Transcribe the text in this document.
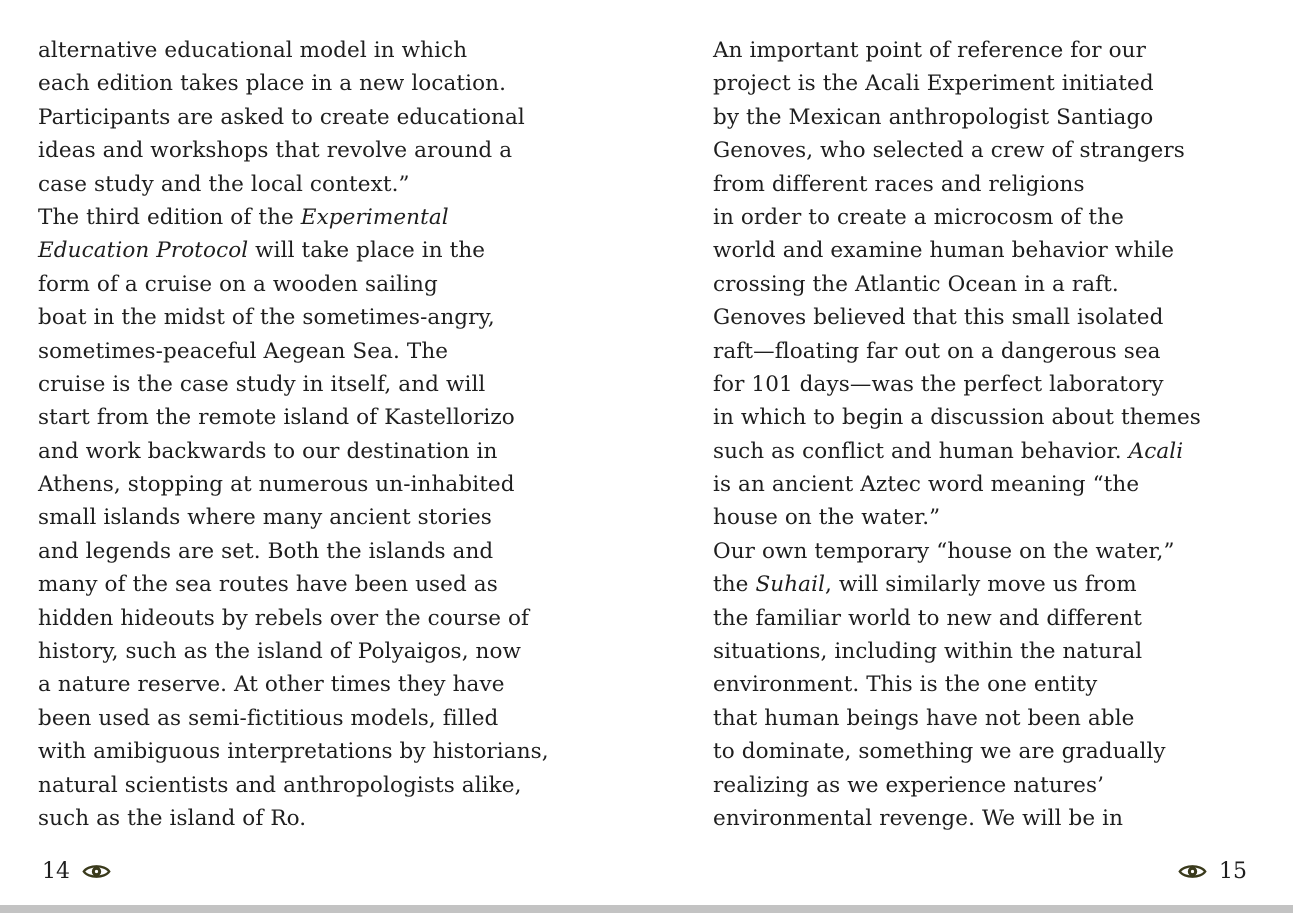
alternative educational model in which
each edition takes place in a new location.
Participants are asked to create educational
ideas and workshops that revolve around a
case study and the local context.”
The third edition of the Experimental
Education Protocol will take place in the
form of a cruise on a wooden sailing
boat in the midst of the sometimes-angry,
sometimes-peaceful Aegean Sea. The
cruise is the case study in itself, and will
start from the remote island of Kastellorizo
and work backwards to our destination in
Athens, stopping at numerous un-inhabited
small islands where many ancient stories
and legends are set. Both the islands and
many of the sea routes have been used as
hidden hideouts by rebels over the course of
history, such as the island of Polyaigos, now
a nature reserve. At other times they have
been used as semi-fictitious models, filled
with amibiguous interpretations by historians,
natural scientists and anthropologists alike,
such as the island of Ro.
An important point of reference for our
project is the Acali Experiment initiated
by the Mexican anthropologist Santiago
Genoves, who selected a crew of strangers
from different races and religions
in order to create a microcosm of the
world and examine human behavior while
crossing the Atlantic Ocean in a raft.
Genoves believed that this small isolated
raft—floating far out on a dangerous sea
for 101 days—was the perfect laboratory
in which to begin a discussion about themes
such as conflict and human behavior. Acali
is an ancient Aztec word meaning “the
house on the water.”
Our own temporary “house on the water,”
the Suhail, will similarly move us from
the familiar world to new and different
situations, including within the natural
environment. This is the one entity
that human beings have not been able
to dominate, something we are gradually
realizing as we experience natures’
environmental revenge. We will be in
14	15
